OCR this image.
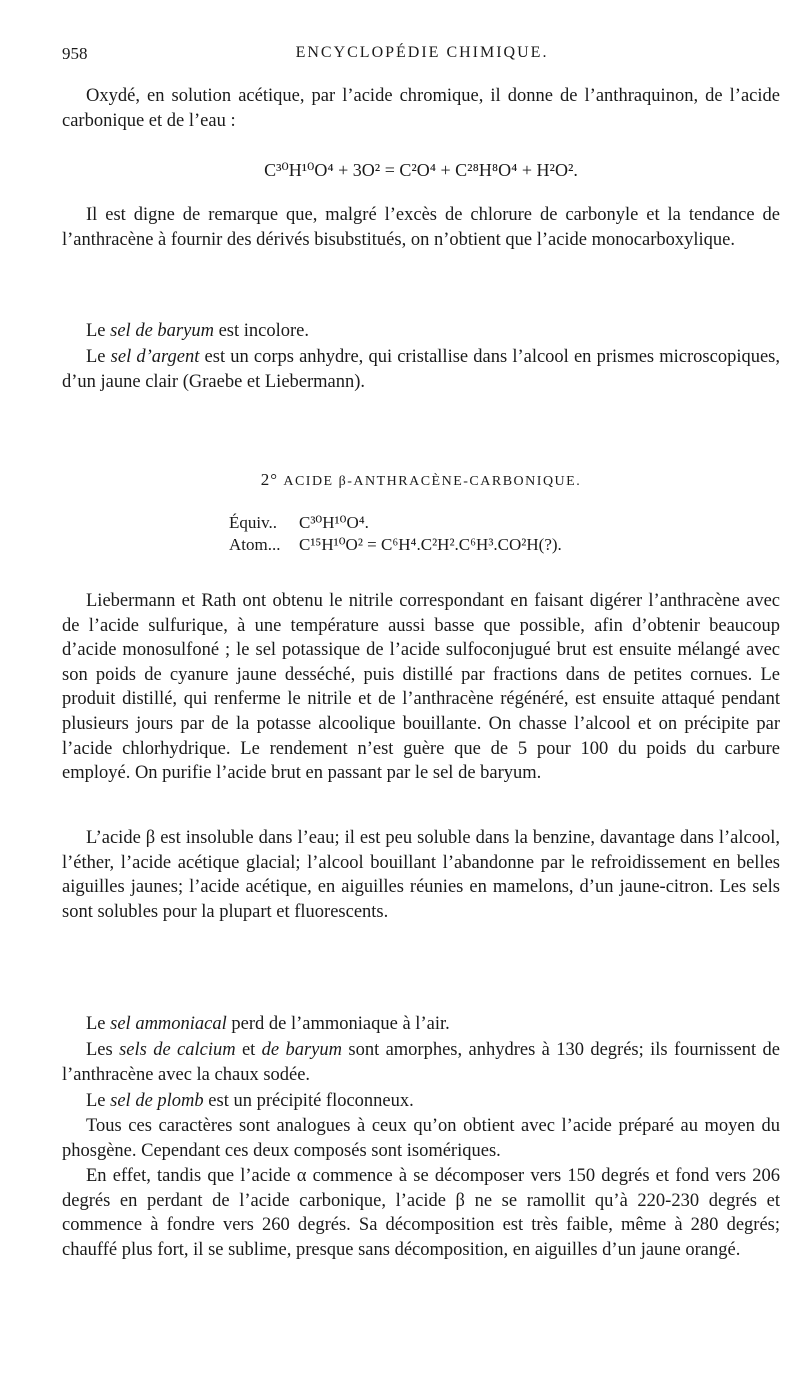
958	ENCYCLOPÉDIE CHIMIQUE.

Oxydé, en solution acétique, par l’acide chromique, il donne de l’anthraquinon, de l’acide carbonique et de l’eau :

C³⁰H¹⁰O⁴ + 3O² = C²O⁴ + C²⁸H⁸O⁴ + H²O².

Il est digne de remarque que, malgré l’excès de chlorure de carbonyle et la tendance de l’anthracène à fournir des dérivés bisubstitués, on n’obtient que l’acide monocarboxylique.

Le sel de baryum est incolore.

Le sel d’argent est un corps anhydre, qui cristallise dans l’alcool en prismes microscopiques, d’un jaune clair (Graebe et Liebermann).

2° ACIDE β-ANTHRACÈNE-CARBONIQUE.
Équiv.. C³⁰H¹⁰O⁴.
Atom... C¹⁵H¹⁰O² = C⁶H⁴.C²H².C⁶H³.CO²H(?).

Liebermann et Rath ont obtenu le nitrile correspondant en faisant digérer l’anthracène avec de l’acide sulfurique, à une température aussi basse que possible, afin d’obtenir beaucoup d’acide monosulfoné ; le sel potassique de l’acide sulfoconjugué brut est ensuite mélangé avec son poids de cyanure jaune desséché, puis distillé par fractions dans de petites cornues. Le produit distillé, qui renferme le nitrile et de l’anthracène régénéré, est ensuite attaqué pendant plusieurs jours par de la potasse alcoolique bouillante. On chasse l’alcool et on précipite par l’acide chlorhydrique. Le rendement n’est guère que de 5 pour 100 du poids du carbure employé. On purifie l’acide brut en passant par le sel de baryum.

L’acide β est insoluble dans l’eau; il est peu soluble dans la benzine, davantage dans l’alcool, l’éther, l’acide acétique glacial; l’alcool bouillant l’abandonne par le refroidissement en belles aiguilles jaunes; l’acide acétique, en aiguilles réunies en mamelons, d’un jaune-citron. Les sels sont solubles pour la plupart et fluorescents.

Le sel ammoniacal perd de l’ammoniaque à l’air.

Les sels de calcium et de baryum sont amorphes, anhydres à 130 degrés; ils fournissent de l’anthracène avec la chaux sodée.

Le sel de plomb est un précipité floconneux.

Tous ces caractères sont analogues à ceux qu’on obtient avec l’acide préparé au moyen du phosgène. Cependant ces deux composés sont isomériques.

En effet, tandis que l’acide α commence à se décomposer vers 150 degrés et fond vers 206 degrés en perdant de l’acide carbonique, l’acide β ne se ramollit qu’à 220-230 degrés et commence à fondre vers 260 degrés. Sa décomposition est très faible, même à 280 degrés; chauffé plus fort, il se sublime, presque sans décomposition, en aiguilles d’un jaune orangé.
